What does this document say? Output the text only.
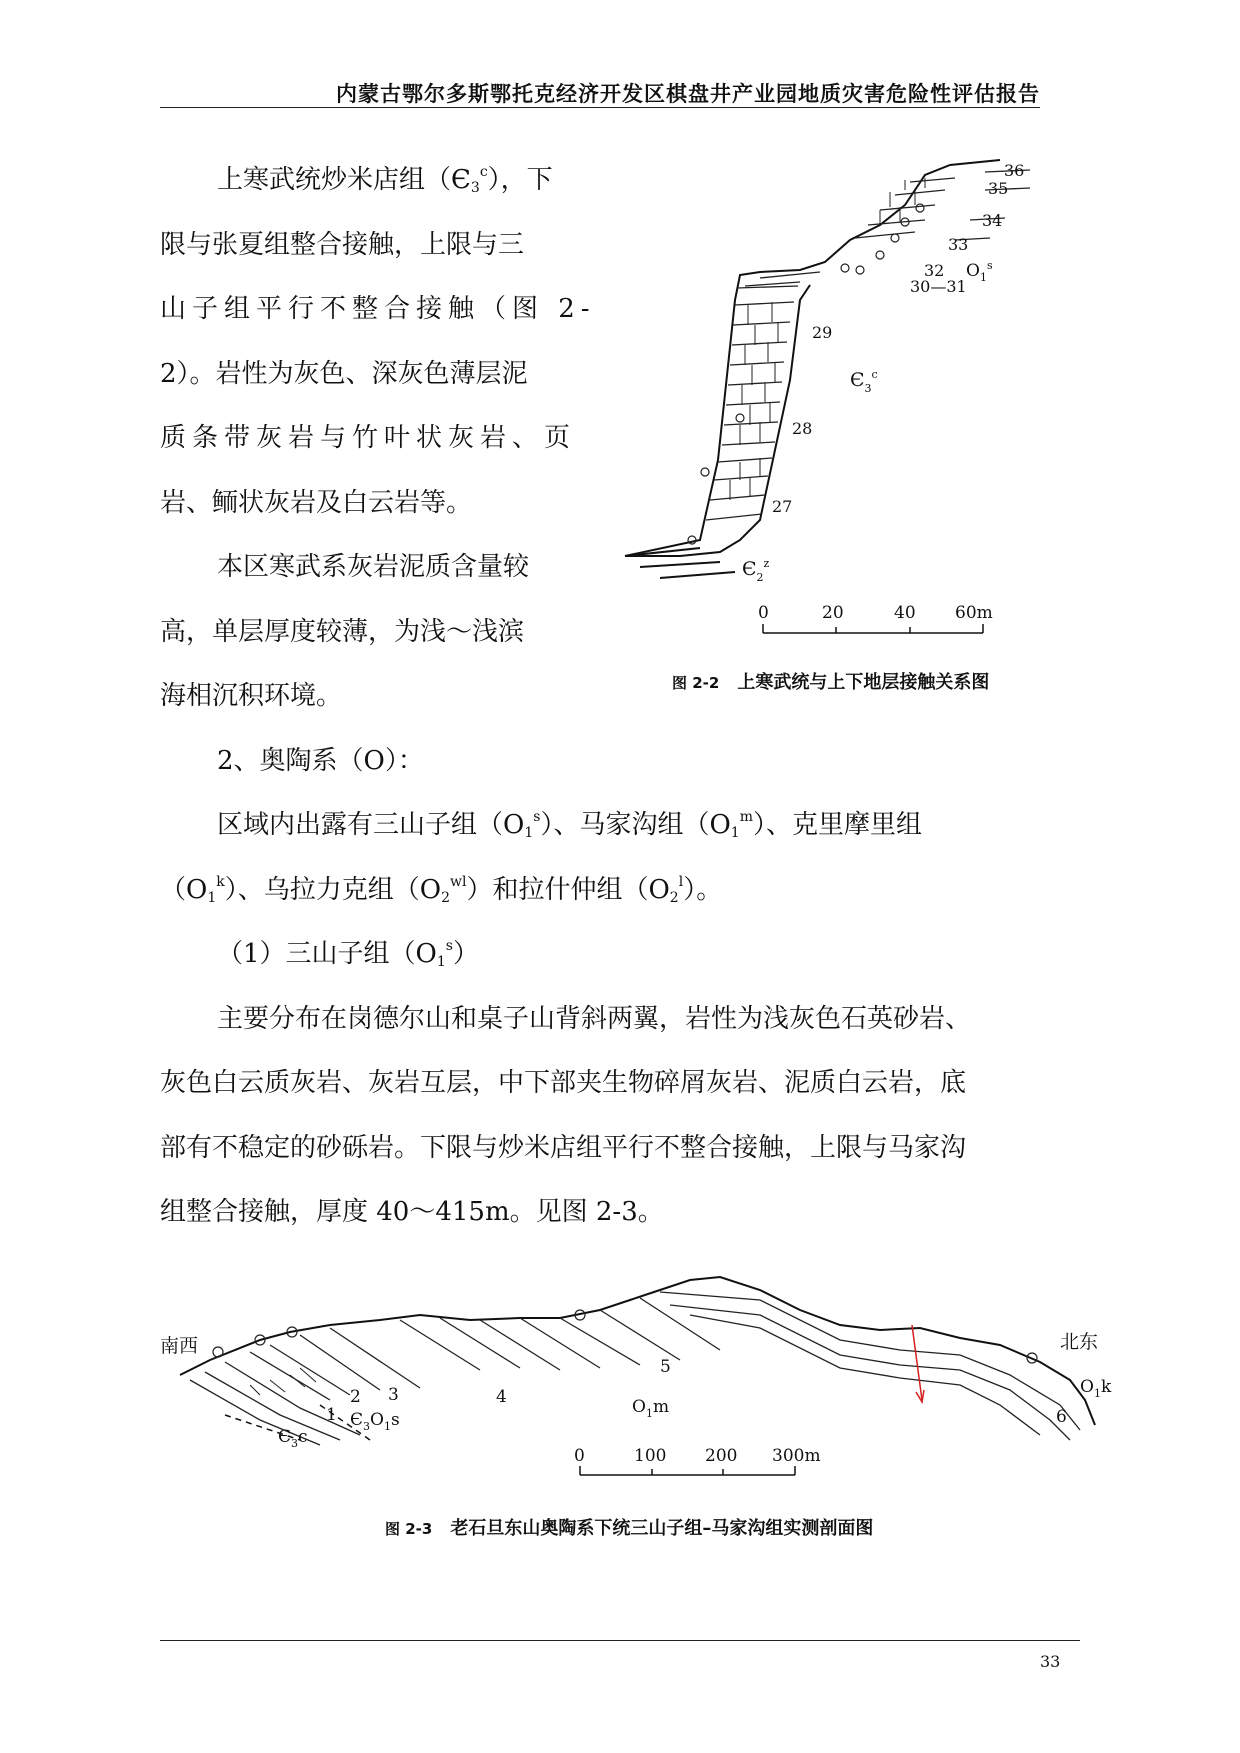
内蒙古鄂尔多斯鄂托克经济开发区棋盘井产业园地质灾害危险性评估报告

上寒武统炒米店组$(Є_3^c)$，下

限与张夏组整合接触，上限与三

山子组平行不整合接触（图 2-

2）。岩性为灰色、深灰色薄层泥

质条带灰岩与竹叶状灰岩、页

岩、鲕状灰岩及白云岩等。

本区寒武系灰岩泥质含量较

高，单层厚度较薄，为浅～浅滨

海相沉积环境。

36
35
34
33
32
30—31
29
28
27
$O_1^s$
$Є_3^c$
$Є_2^z$
0	20	40 60m
图 2-2 上寒武统与上下地层接触关系图

2、奥陶系（O）：

区域内出露有三山子组$(O_1^s)$、马家沟组$(O_1^m)$、克里摩里组

$(O_1^k)$、乌拉力克组$(O_2^{wl})$和拉什仲组$(O_2^l)$。

（1）三山子组$(O_1^s)$

主要分布在岗德尔山和桌子山背斜两翼，岩性为浅灰色石英砂岩、

灰色白云质灰岩、灰岩互层，中下部夹生物碎屑灰岩、泥质白云岩，底

部有不稳定的砂砾岩。下限与炒米店组平行不整合接触，上限与马家沟

组整合接触，厚度 40～415m。见图 2-3。

南西	北东
1
2 3	4
5
6
$Є_3c$
$Є_3O_1s$
$O_1m$
$O_1k$
0	100 200 300m
图 2-3 老石旦东山奥陶系下统三山子组–马家沟组实测剖面图
33
